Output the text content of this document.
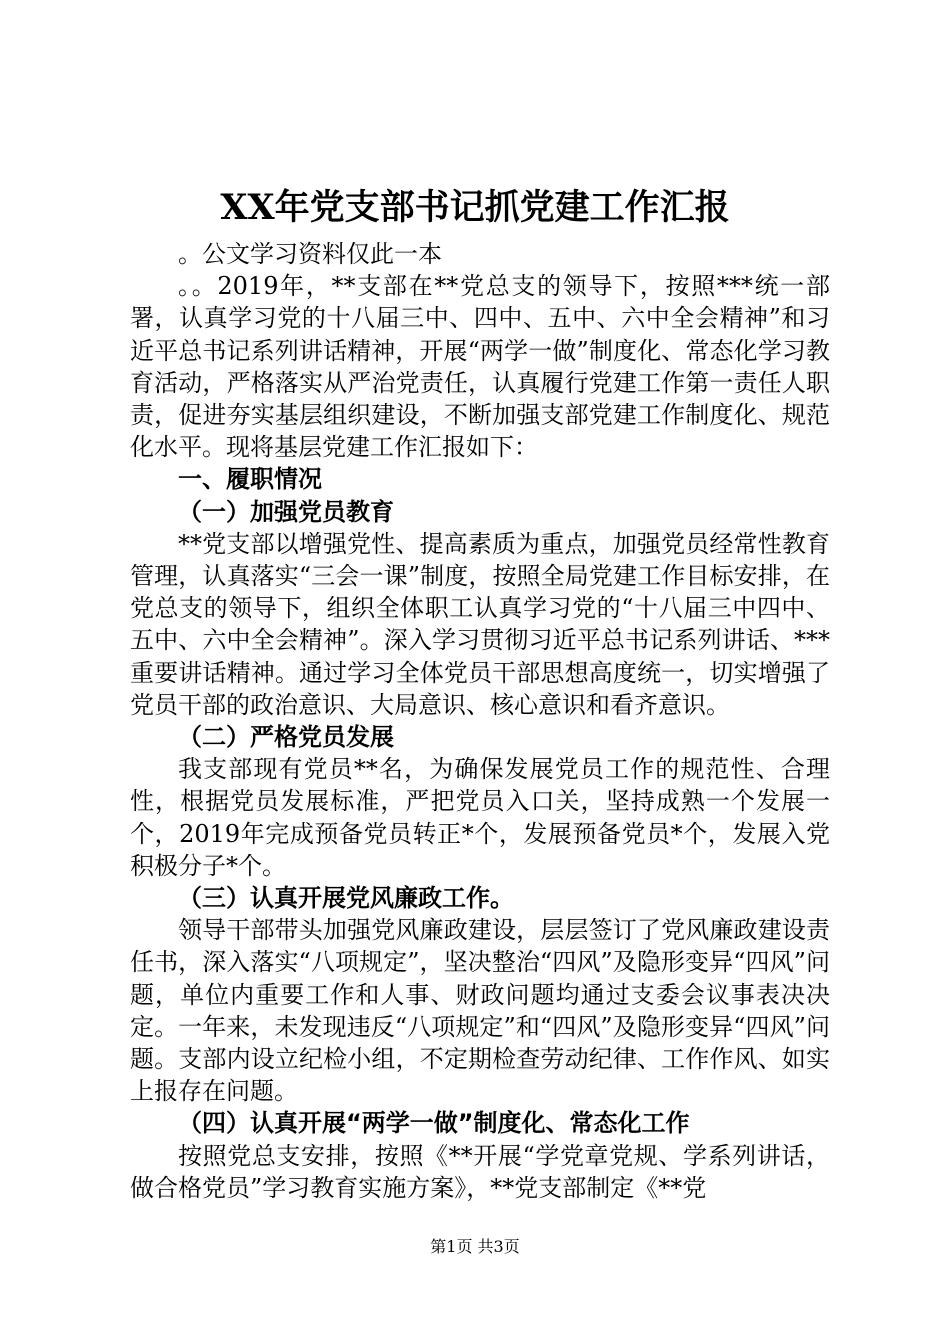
XX年党支部书记抓党建工作汇报

。公文学习资料仅此一本

。。2019年，**支部在**党总支的领导下，按照***统一部署，认真学习党的十八届三中、四中、五中、六中全会精神”和习近平总书记系列讲话精神，开展“两学一做”制度化、常态化学习教育活动，严格落实从严治党责任，认真履行党建工作第一责任人职责，促进夯实基层组织建设，不断加强支部党建工作制度化、规范化水平。现将基层党建工作汇报如下：

一、履职情况

（一）加强党员教育

**党支部以增强党性、提高素质为重点，加强党员经常性教育管理，认真落实“三会一课”制度，按照全局党建工作目标安排，在党总支的领导下，组织全体职工认真学习党的“十八届三中四中、五中、六中全会精神”。深入学习贯彻习近平总书记系列讲话、***重要讲话精神。通过学习全体党员干部思想高度统一，切实增强了党员干部的政治意识、大局意识、核心意识和看齐意识。

（二）严格党员发展

我支部现有党员**名，为确保发展党员工作的规范性、合理性，根据党员发展标准，严把党员入口关，坚持成熟一个发展一个，2019年完成预备党员转正*个，发展预备党员*个，发展入党积极分子*个。

（三）认真开展党风廉政工作。

领导干部带头加强党风廉政建设，层层签订了党风廉政建设责任书，深入落实“八项规定”，坚决整治“四风”及隐形变异“四风”问题，单位内重要工作和人事、财政问题均通过支委会议事表决决定。一年来，未发现违反“八项规定”和“四风”及隐形变异“四风”问题。支部内设立纪检小组，不定期检查劳动纪律、工作作风、如实上报存在问题。

（四）认真开展“两学一做”制度化、常态化工作

按照党总支安排，按照《**开展“学党章党规、学系列讲话，做合格党员”学习教育实施方案》，**党支部制定《**党

第1页 共3页
